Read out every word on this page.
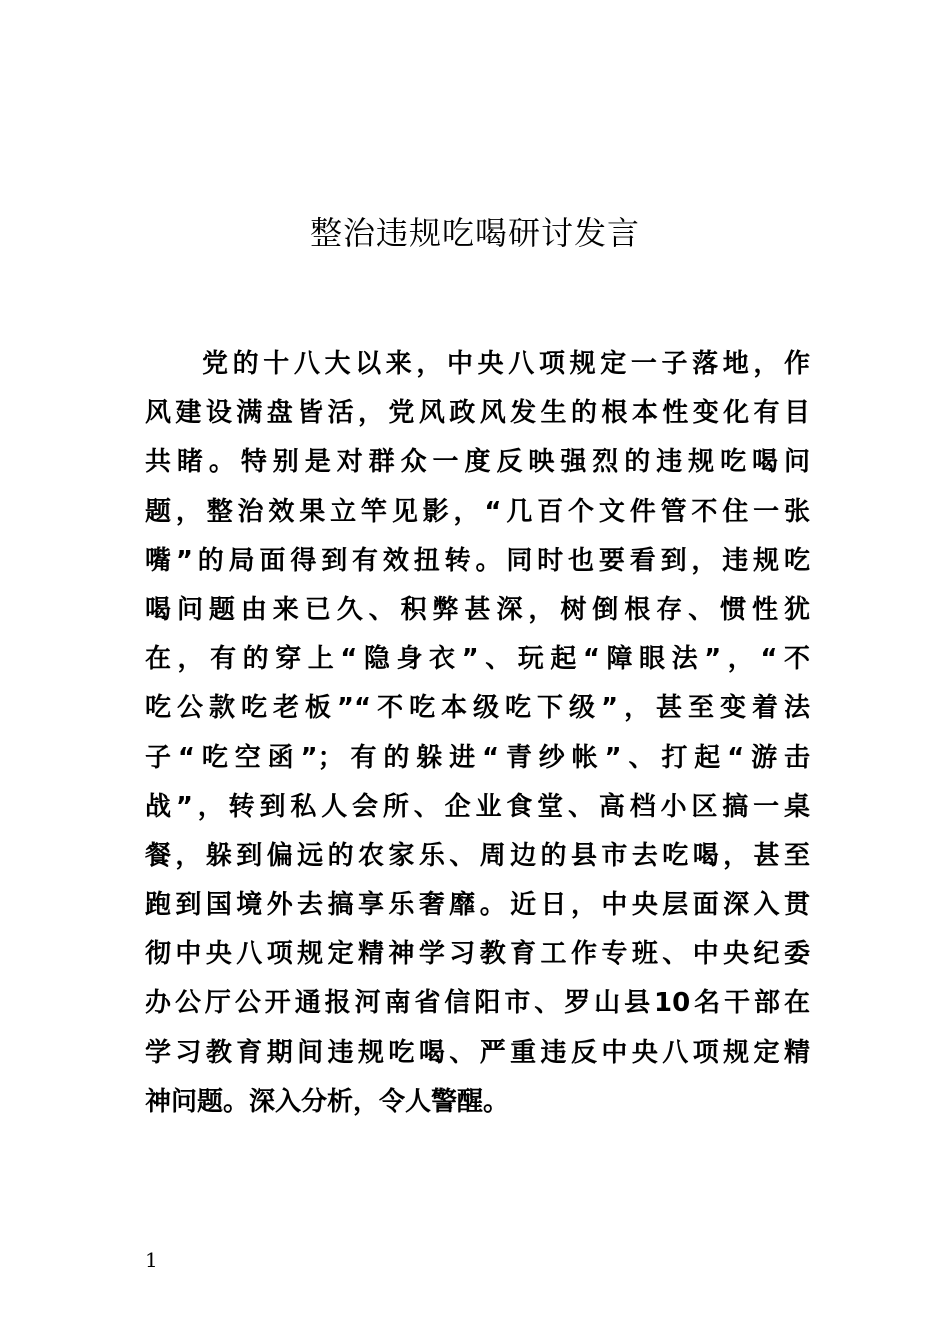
整治违规吃喝研讨发言
党的十八大以来，中央八项规定一子落地，作
风建设满盘皆活，党风政风发生的根本性变化有目
共睹。特别是对群众一度反映强烈的违规吃喝问
题，整治效果立竿见影，“几百个文件管不住一张
嘴”的局面得到有效扭转。同时也要看到，违规吃
喝问题由来已久、积弊甚深，树倒根存、惯性犹
在，有的穿上“隐身衣”、玩起“障眼法”，“不
吃公款吃老板”“不吃本级吃下级”，甚至变着法
子“吃空函”；有的躲进“青纱帐”、打起“游击
战”，转到私人会所、企业食堂、高档小区搞一桌
餐，躲到偏远的农家乐、周边的县市去吃喝，甚至
跑到国境外去搞享乐奢靡。近日，中央层面深入贯
彻中央八项规定精神学习教育工作专班、中央纪委
办公厅公开通报河南省信阳市、罗山县10名干部在
学习教育期间违规吃喝、严重违反中央八项规定精
神问题。深入分析，令人警醒。
1
